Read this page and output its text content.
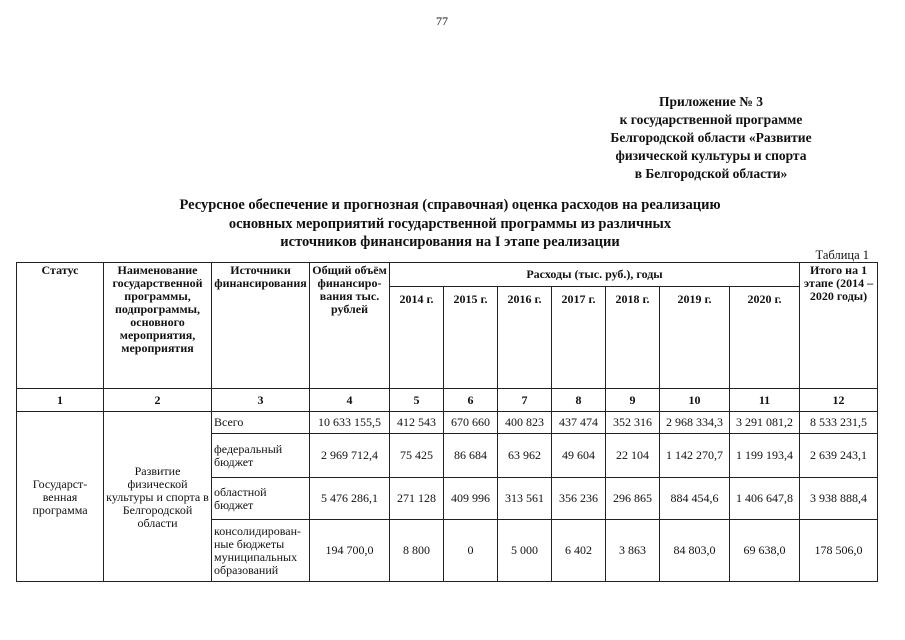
77
Приложение № 3
к государственной программе
Белгородской области «Развитие
физической культуры и спорта
в Белгородской области»
Ресурсное обеспечение и прогнозная (справочная) оценка расходов на реализацию
основных мероприятий государственной программы из различных
источников финансирования на I этапе реализации
Таблица 1
Статус	Наименование государственной программы, подпрограммы, основного мероприятия, мероприятия	Источники финансирования	Общий объём финансиро-вания тыс. рублей	Расходы (тыс. руб.), годы							Итого на 1 этапе (2014 – 2020 годы)
				2014 г.	2015 г.	2016 г.	2017 г.	2018 г.	2019 г.	2020 г.	
1	2	3	4	5	6	7	8	9	10	11	12
Государст-венная программа	Развитие физической культуры и спорта в Белгородской области	Всего	10 633 155,5	412 543	670 660	400 823	437 474	352 316	2 968 334,3	3 291 081,2	8 533 231,5
		федеральный бюджет	2 969 712,4	75 425	86 684	63 962	49 604	22 104	1 142 270,7	1 199 193,4	2 639 243,1
		областной бюджет	5 476 286,1	271 128	409 996	313 561	356 236	296 865	884 454,6	1 406 647,8	3 938 888,4
		консолидирован-ные бюджеты муниципальных образований	194 700,0	8 800	0	5 000	6 402	3 863	84 803,0	69 638,0	178 506,0
